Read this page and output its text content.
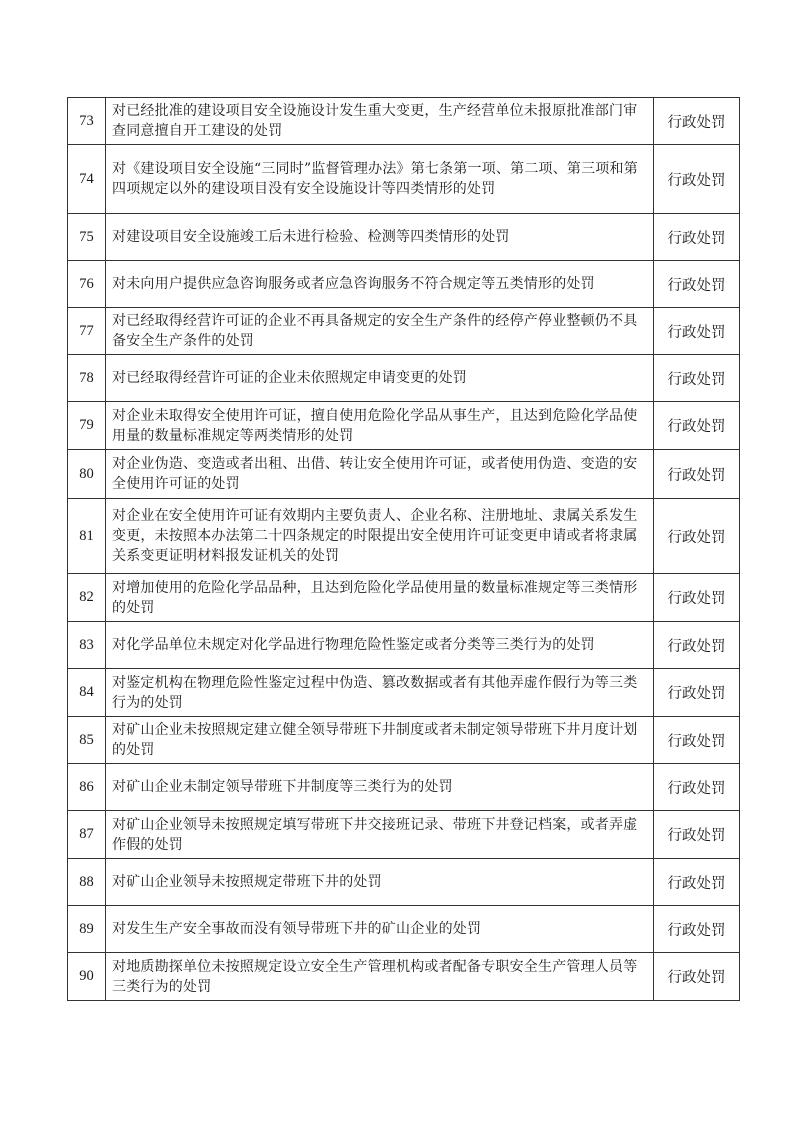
73	对已经批准的建设项目安全设施设计发生重大变更，生产经营单位未报原批准部门审查同意擅自开工建设的处罚	行政处罚
74	对《建设项目安全设施“三同时”监督管理办法》第七条第一项、第二项、第三项和第四项规定以外的建设项目没有安全设施设计等四类情形的处罚	行政处罚
75	对建设项目安全设施竣工后未进行检验、检测等四类情形的处罚	行政处罚
76	对未向用户提供应急咨询服务或者应急咨询服务不符合规定等五类情形的处罚	行政处罚
77	对已经取得经营许可证的企业不再具备规定的安全生产条件的经停产停业整顿仍不具备安全生产条件的处罚	行政处罚
78	对已经取得经营许可证的企业未依照规定申请变更的处罚	行政处罚
79	对企业未取得安全使用许可证，擅自使用危险化学品从事生产，且达到危险化学品使用量的数量标准规定等两类情形的处罚	行政处罚
80	对企业伪造、变造或者出租、出借、转让安全使用许可证，或者使用伪造、变造的安全使用许可证的处罚	行政处罚
81	对企业在安全使用许可证有效期内主要负责人、企业名称、注册地址、隶属关系发生变更，未按照本办法第二十四条规定的时限提出安全使用许可证变更申请或者将隶属关系变更证明材料报发证机关的处罚	行政处罚
82	对增加使用的危险化学品品种，且达到危险化学品使用量的数量标准规定等三类情形的处罚	行政处罚
83	对化学品单位未规定对化学品进行物理危险性鉴定或者分类等三类行为的处罚	行政处罚
84	对鉴定机构在物理危险性鉴定过程中伪造、篡改数据或者有其他弄虚作假行为等三类行为的处罚	行政处罚
85	对矿山企业未按照规定建立健全领导带班下井制度或者未制定领导带班下井月度计划的处罚	行政处罚
86	对矿山企业未制定领导带班下井制度等三类行为的处罚	行政处罚
87	对矿山企业领导未按照规定填写带班下井交接班记录、带班下井登记档案，或者弄虚作假的处罚	行政处罚
88	对矿山企业领导未按照规定带班下井的处罚	行政处罚
89	对发生生产安全事故而没有领导带班下井的矿山企业的处罚	行政处罚
90	对地质勘探单位未按照规定设立安全生产管理机构或者配备专职安全生产管理人员等三类行为的处罚	行政处罚
